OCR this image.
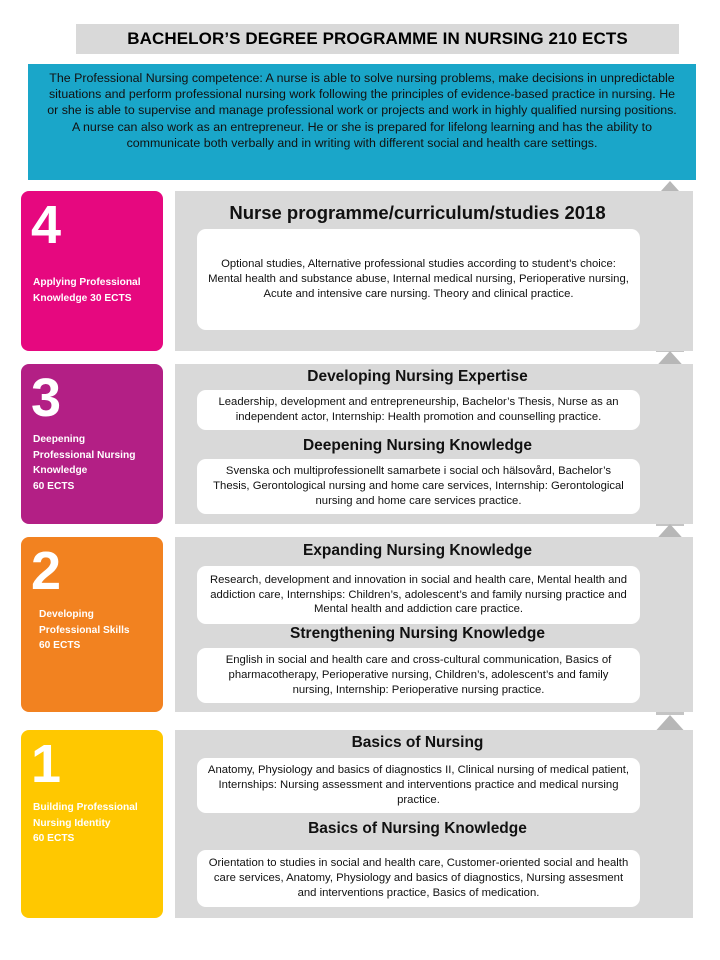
BACHELOR’S DEGREE PROGRAMME IN NURSING 210 ECTS
The Professional Nursing competence: A nurse is able to solve nursing problems, make decisions in unpredictable situations and perform professional nursing work following the principles of evidence-based practice in nursing. He or she is able to supervise and manage professional work or projects and work in highly qualified nursing positions. A nurse can also work as an entrepreneur. He or she is prepared for lifelong learning and has the ability to communicate both verbally and in writing with different social and health care settings.
4
Applying Professional
Knowledge 30 ECTS
Nurse programme/curriculum/studies 2018
Optional studies, Alternative professional studies according to student’s choice: Mental health and substance abuse, Internal medical nursing, Perioperative nursing, Acute and intensive care nursing. Theory and clinical practice.
3
Deepening
Professional Nursing
Knowledge
60 ECTS
Developing Nursing Expertise
Leadership, development and entrepreneurship, Bachelor’s Thesis, Nurse as an independent actor, Internship: Health promotion and counselling practice.
Deepening Nursing Knowledge
Svenska och multiprofessionellt samarbete i social och hälsovård, Bachelor’s Thesis, Gerontological nursing and home care services, Internship: Gerontological nursing and home care services practice.
2
Developing
Professional Skills
60 ECTS
Expanding Nursing Knowledge
Research, development and innovation in social and health care, Mental health and addiction care, Internships: Children’s, adolescent’s and family nursing practice and Mental health and addiction care practice.
Strengthening Nursing Knowledge
English in social and health care and cross-cultural communication, Basics of pharmacotherapy, Perioperative nursing, Children’s, adolescent’s and family nursing, Internship: Perioperative nursing practice.
1
Building Professional
Nursing Identity
60 ECTS
Basics of Nursing
Anatomy, Physiology and basics of diagnostics II, Clinical nursing of medical patient, Internships: Nursing assessment and interventions practice and medical nursing practice.
Basics of Nursing Knowledge
Orientation to studies in social and health care, Customer-oriented social and health care services, Anatomy, Physiology and basics of diagnostics, Nursing assesment and interventions practice, Basics of medication.
